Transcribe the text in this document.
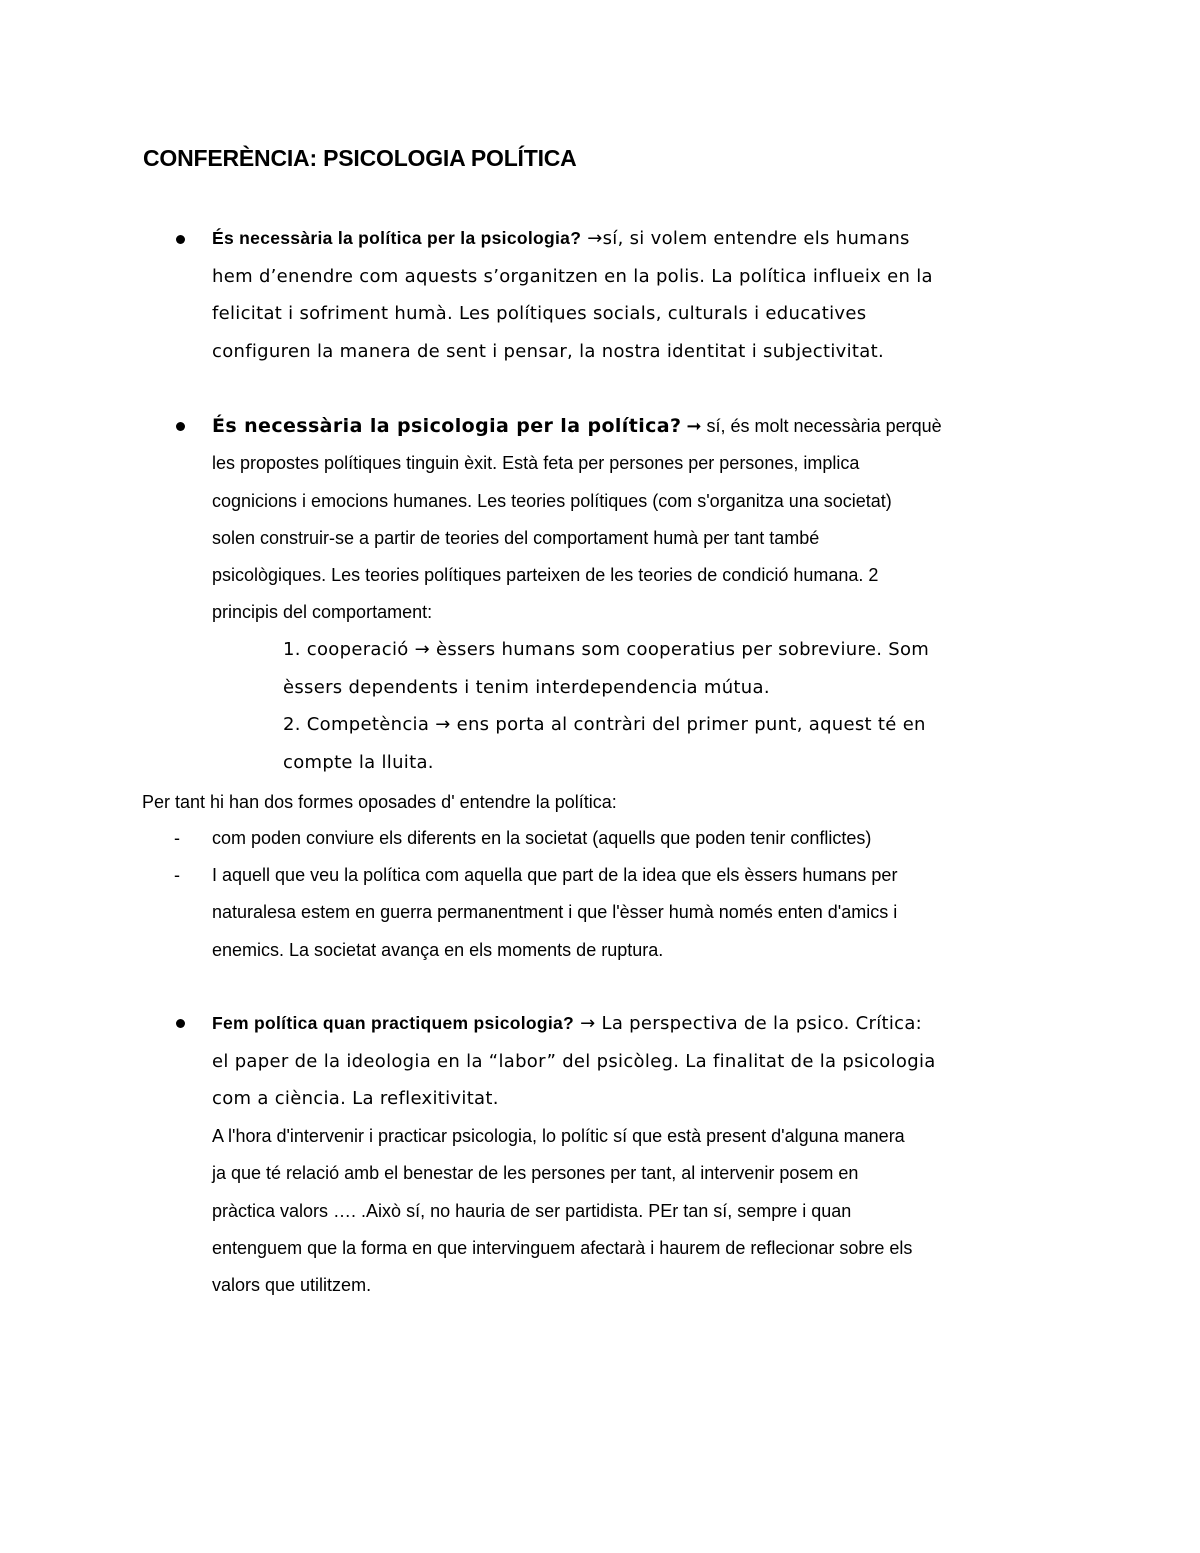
CONFERÈNCIA: PSICOLOGIA POLÍTICA
És necessària la política per la psicologia? →sí, si volem entendre els humans
hem d’enendre com aquests s’organitzen en la polis. La política influeix en la
felicitat i sofriment humà. Les polítiques socials, culturals i educatives
configuren la manera de sent i pensar, la nostra identitat i subjectivitat.
És necessària la psicologia per la política? ➞ sí, és molt necessària perquè
les propostes polítiques tinguin èxit. Està feta per persones per persones, implica
cognicions i emocions humanes. Les teories polítiques (com s'organitza una societat)
solen construir-se a partir de teories del comportament humà per tant també
psicològiques. Les teories polítiques parteixen de les teories de condició humana. 2
principis del comportament:
1. cooperació → èssers humans som cooperatius per sobreviure. Som
èssers dependents i tenim interdependencia mútua.
2. Competència → ens porta al contràri del primer punt, aquest té en
compte la lluita.

Per tant hi han dos formes oposades d' entendre la política:

- com poden conviure els diferents en la societat (aquells que poden tenir conflictes)
- I aquell que veu la política com aquella que part de la idea que els èssers humans per
naturalesa estem en guerra permanentment i que l'èsser humà només enten d'amics i
enemics. La societat avança en els moments de ruptura.
Fem política quan practiquem psicologia? → La perspectiva de la psico. Crítica:
el paper de la ideologia en la “labor” del psicòleg. La finalitat de la psicologia
com a ciència. La reflexitivitat.
A l'hora d'intervenir i practicar psicologia, lo polític sí que està present d'alguna manera
ja que té relació amb el benestar de les persones per tant, al intervenir posem en
pràctica valors …. .Això sí, no hauria de ser partidista. PEr tan sí, sempre i quan
entenguem que la forma en que intervinguem afectarà i haurem de reflecionar sobre els
valors que utilitzem.
